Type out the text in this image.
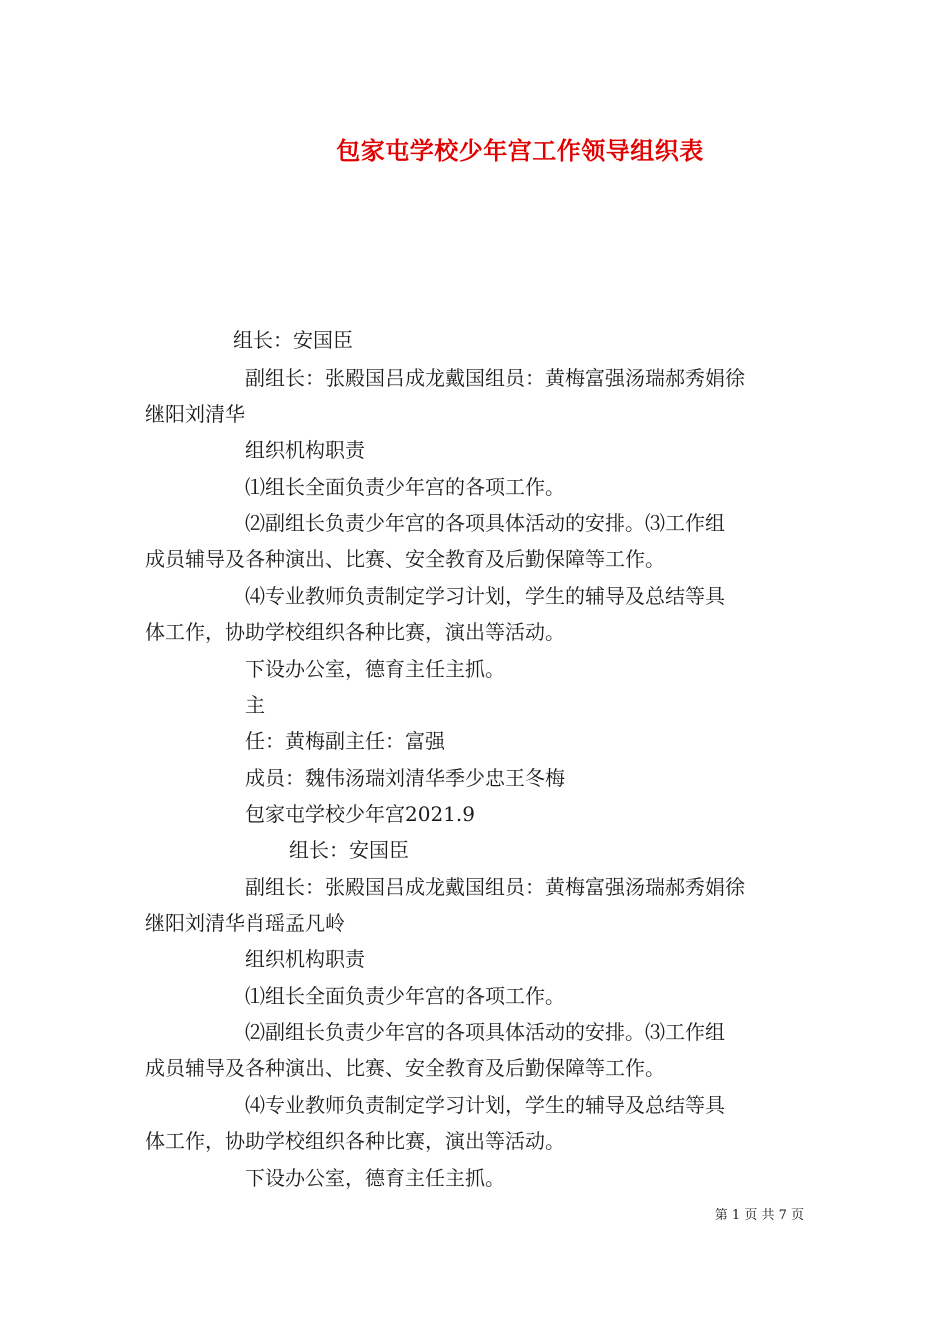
包家屯学校少年宫工作领导组织表
组长：安国臣
副组长：张殿国吕成龙戴国组员：黄梅富强汤瑞郝秀娟徐
继阳刘清华
组织机构职责
⑴组长全面负责少年宫的各项工作。
⑵副组长负责少年宫的各项具体活动的安排。⑶工作组
成员辅导及各种演出、比赛、安全教育及后勤保障等工作。
⑷专业教师负责制定学习计划，学生的辅导及总结等具
体工作，协助学校组织各种比赛，演出等活动。
下设办公室，德育主任主抓。
主
任：黄梅副主任：富强
成员：魏伟汤瑞刘清华季少忠王冬梅
包家屯学校少年宫2021.9
组长：安国臣
副组长：张殿国吕成龙戴国组员：黄梅富强汤瑞郝秀娟徐
继阳刘清华肖瑶孟凡岭
组织机构职责
⑴组长全面负责少年宫的各项工作。
⑵副组长负责少年宫的各项具体活动的安排。⑶工作组
成员辅导及各种演出、比赛、安全教育及后勤保障等工作。
⑷专业教师负责制定学习计划，学生的辅导及总结等具
体工作，协助学校组织各种比赛，演出等活动。
下设办公室，德育主任主抓。
第 1 页 共 7 页
